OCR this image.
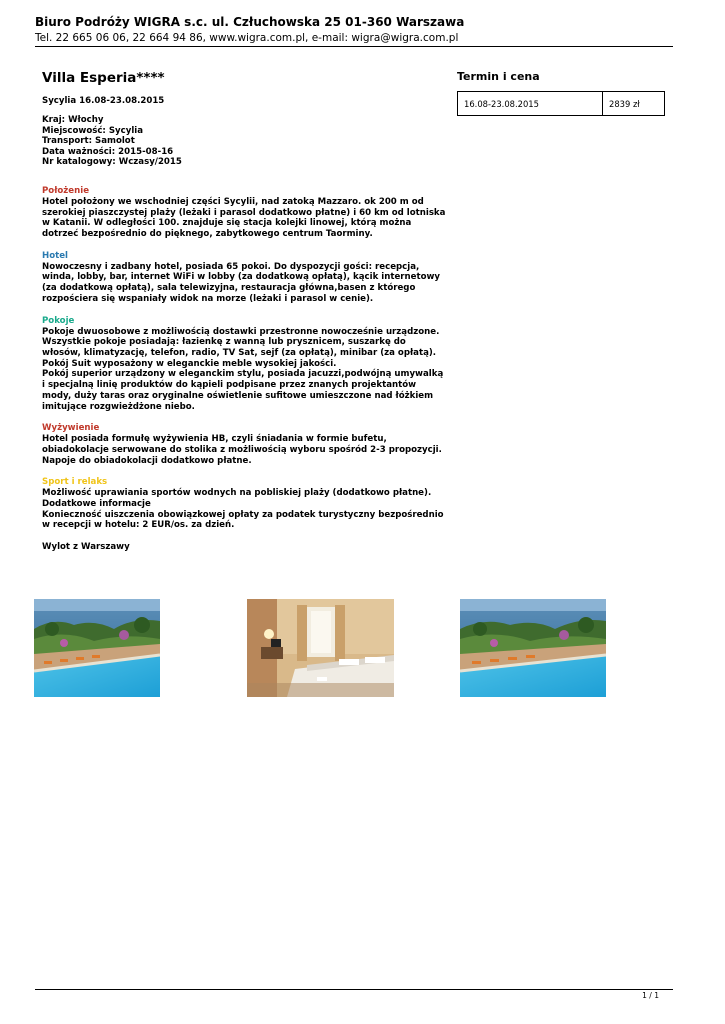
Biuro Podróży WIGRA s.c. ul. Człuchowska 25 01-360 Warszawa
Tel. 22 665 06 06, 22 664 94 86, www.wigra.com.pl, e-mail: wigra@wigra.com.pl
Villa Esperia****
Sycylia 16.08-23.08.2015
Kraj: Włochy
Miejscowość: Sycylia
Transport: Samolot
Data ważności: 2015-08-16
Nr katalogowy: Wczasy/2015
Położenie
Hotel położony we wschodniej części Sycylii, nad zatoką Mazzaro. ok 200 m od
szerokiej piaszczystej plaży (leżaki i parasol dodatkowo płatne) i 60 km od lotniska
w Katanii. W odległości 100. znajduje się stacja kolejki linowej, którą można
dotrzeć bezpośrednio do pięknego, zabytkowego centrum Taorminy.
Hotel
Nowoczesny i zadbany hotel, posiada 65 pokoi. Do dyspozycji gości: recepcja,
winda, lobby, bar, internet WiFi w lobby (za dodatkową opłatą), kącik internetowy
(za dodatkową opłatą), sala telewizyjna, restauracja główna,basen z którego
rozpościera się wspaniały widok na morze (leżaki i parasol w cenie).
Pokoje
Pokoje dwuosobowe z możliwością dostawki przestronne nowocześnie urządzone.
Wszystkie pokoje posiadają: łazienkę z wanną lub prysznicem, suszarkę do
włosów, klimatyzację, telefon, radio, TV Sat, sejf (za opłatą), minibar (za opłatą).
Pokój Suit wyposażony w eleganckie meble wysokiej jakości.
Pokój superior urządzony w eleganckim stylu, posiada jacuzzi,podwójną umywalką
i specjalną linię produktów do kąpieli podpisane przez znanych projektantów
mody, duży taras oraz oryginalne oświetlenie sufitowe umieszczone nad łóżkiem
imitujące rozgwieżdżone niebo.
Wyżywienie
Hotel posiada formułę wyżywienia HB, czyli śniadania w formie bufetu,
obiadokolacje serwowane do stolika z możliwością wyboru spośród 2-3 propozycji.
Napoje do obiadokolacji dodatkowo płatne.
Sport i relaks
Możliwość uprawiania sportów wodnych na pobliskiej plaży (dodatkowo płatne).
Dodatkowe informacje
Konieczność uiszczenia obowiązkowej opłaty za podatek turystyczny bezpośrednio
w recepcji w hotelu: 2 EUR/os. za dzień.
Wylot z Warszawy
Termin i cena
16.08-23.08.2015	2839 zł
1 / 1
